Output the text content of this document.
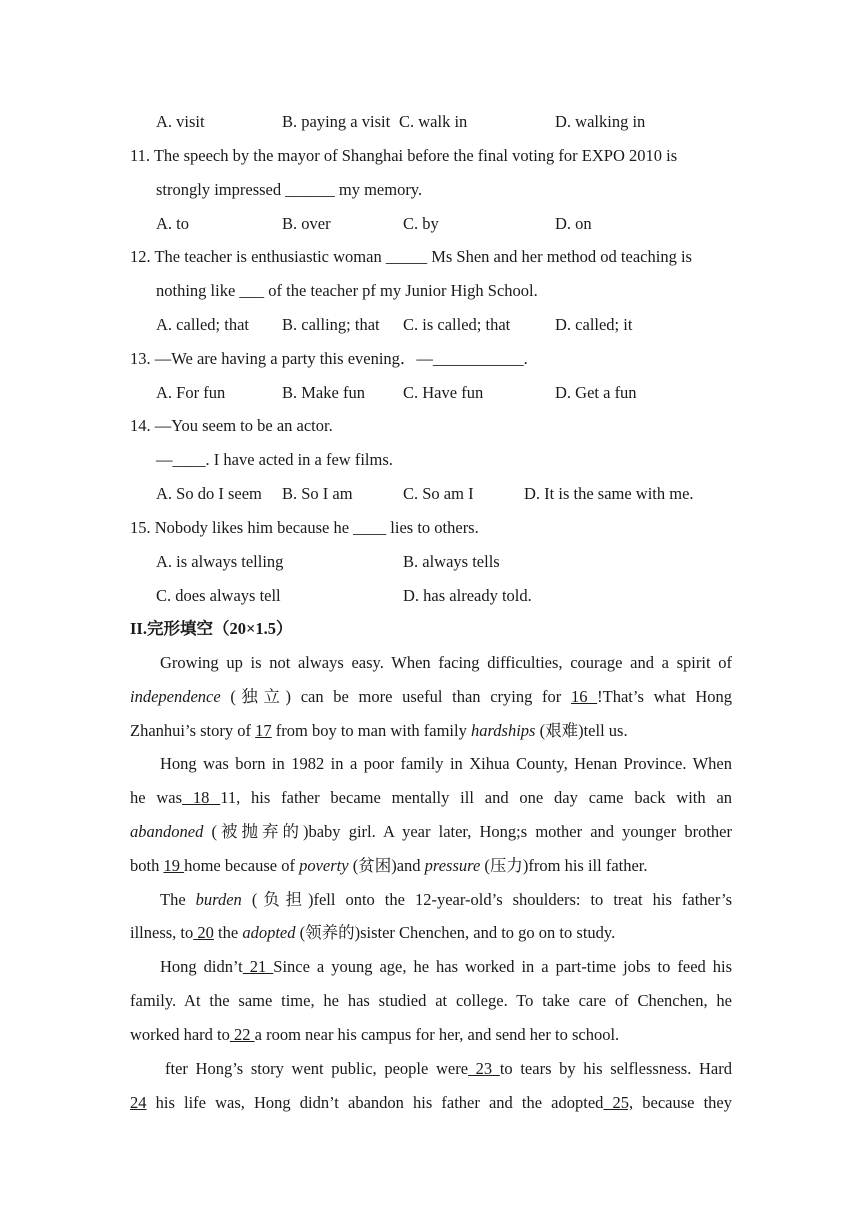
A. visit	B. paying a visit C. walk in	D. walking in
11. The speech by the mayor of Shanghai before the final voting for EXPO 2010 is
strongly impressed ______ my memory.
A. to	B. over	C. by	D. on
12. The teacher is enthusiastic woman _____ Ms Shen and her method od teaching is
nothing like ___ of the teacher pf my Junior High School.
A. called; that B. calling; that C. is called; that	D. called; it
13. —We are having a party this evening．—___________.
A. For fun	B. Make fun C. Have fun	D. Get a fun
14. —You seem to be an actor.
—____. I have acted in a few films.
A. So do I seem B. So I am	C. So am I	D. It is the same with me.
15. Nobody likes him because he ____ lies to others.
A. is always telling	B. always tells
C. does always tell	D. has already told.
II.完形填空（20×1.5）
Growing up is not always easy. When facing difficulties, courage and a spirit of
independence (独立) can be more useful than crying for 16 !That’s what Hong
Zhanhui’s story of 17 from boy to man with family hardships (艰难)tell us.
Hong was born in 1982 in a poor family in Xihua County, Henan Province. When
he was 18 11, his father became mentally ill and one day came back with an
abandoned (被抛弃的)baby girl. A year later, Hong;s mother and younger brother
both 19 home because of poverty (贫困)and pressure (压力)from his ill father.
The burden (负担)fell onto the 12-year-old’s shoulders: to treat his father’s
illness, to 20 the adopted (领养的)sister Chenchen, and to go on to study.
Hong didn’t 21 Since a young age, he has worked in a part-time jobs to feed his
family. At the same time, he has studied at college. To take care of Chenchen, he
worked hard to 22 a room near his campus for her, and send her to school.
fter Hong’s story went public, people were 23 to tears by his selflessness. Hard
24 his life was, Hong didn’t abandon his father and the adopted 25, because they
